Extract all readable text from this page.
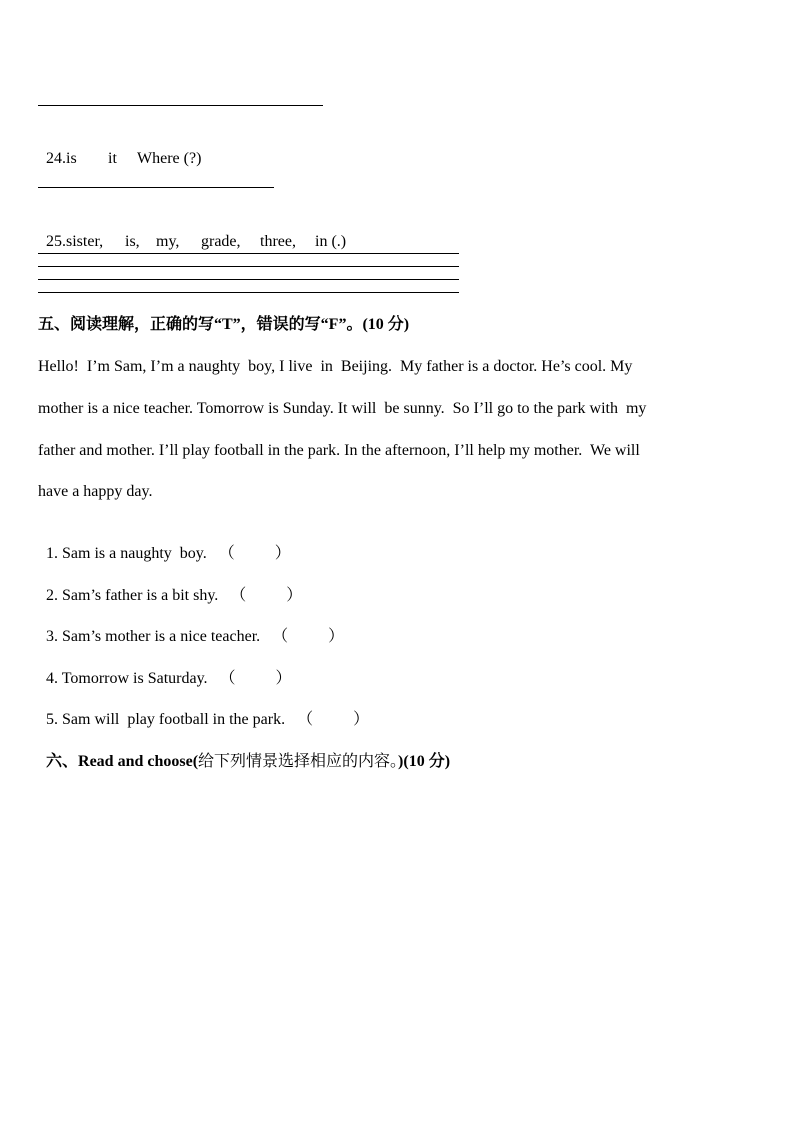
24.is it Where (?)

25.sister, is, my, grade, three, in (.)

五、阅读理解，正确的写“T”，错误的写“F”。(10 分)
Hello!  I’m Sam, I’m a naughty  boy, I live  in  Beijing.  My father is a doctor. He’s cool. My
mother is a nice teacher. Tomorrow is Sunday. It will  be sunny.  So I’ll go to the park with  my
father and mother. I’ll play football in the park. In the afternoon, I’ll help my mother.  We will
have a happy day.

1. Sam is a naughty  boy. （          ）

2. Sam’s father is a bit shy. （          ）

3. Sam’s mother is a nice teacher. （          ）

4. Tomorrow is Saturday. （          ）

5. Sam will  play football in the park. （          ）

六、Read and choose(给下列情景选择相应的内容。)(10 分)
